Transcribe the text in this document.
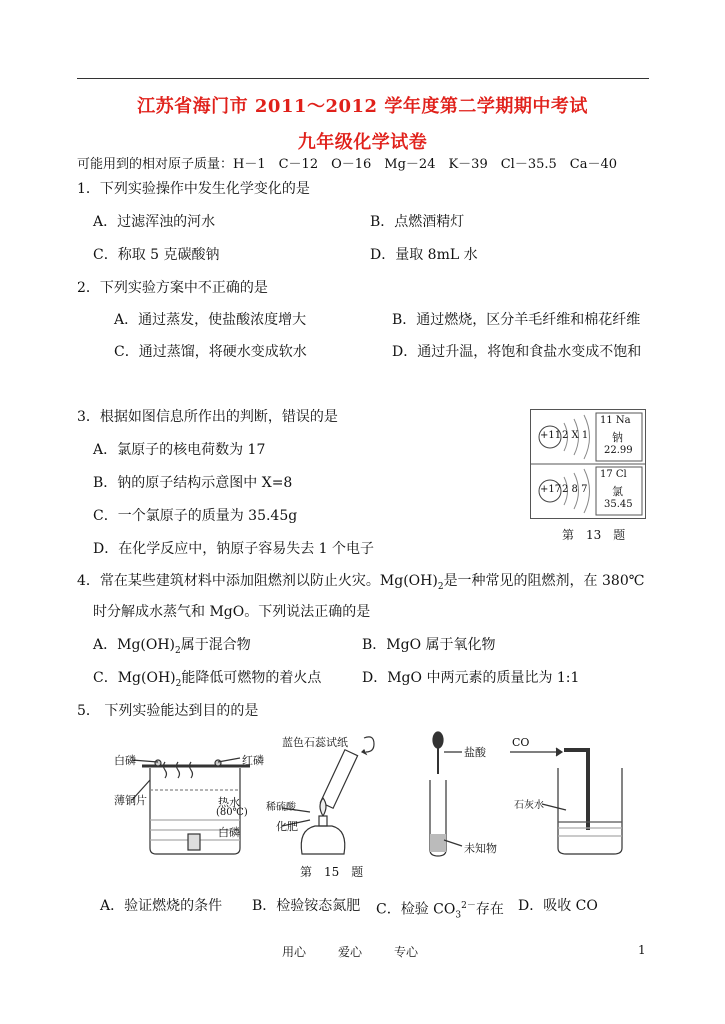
江苏省海门市 2011～2012 学年度第二学期期中考试
九年级化学试卷
可能用到的相对原子质量：H－1　C－12　O－16　Mg－24　K－39　Cl－35.5　Ca－40
1．下列实验操作中发生化学变化的是
A．过滤浑浊的河水	B．点燃酒精灯
C．称取 5 克碳酸钠	D．量取 8mL 水
2．下列实验方案中不正确的是
A．通过蒸发，使盐酸浓度增大	B．通过燃烧，区分羊毛纤维和棉花纤维
C．通过蒸馏，将硬水变成软水	D．通过升温，将饱和食盐水变成不饱和
3．根据如图信息所作出的判断，错误的是
A．氯原子的核电荷数为 17
B．钠的原子结构示意图中 X=8
C．一个氯原子的质量为 35.45g
D．在化学反应中，钠原子容易失去 1 个电子
+11 2 X 1
11 Na
钠
22.99
+17 2 8 7
17 Cl
氯
35.45
第　13　题
4．常在某些建筑材料中添加阻燃剂以防止火灾。$Mg(OH)_2$是一种常见的阻燃剂，在 380℃
时分解成水蒸气和 MgO。下列说法正确的是
A．$Mg(OH)_2$属于混合物	B．MgO 属于氧化物
C．$Mg(OH)_2$能降低可燃物的着火点	D．MgO 中两元素的质量比为 1:1
5． 下列实验能达到目的的是
白磷	红磷
薄铜片	热水
(80℃)
白磷
蓝色石蕊试纸
稀硫酸
化肥
盐酸
未知物
CO
石灰水
第　15　题
A．验证燃烧的条件 B．检验铵态氮肥 C．检验 $CO_3^{2-}$存在 D．吸收 CO
用心	爱心	专心	1
